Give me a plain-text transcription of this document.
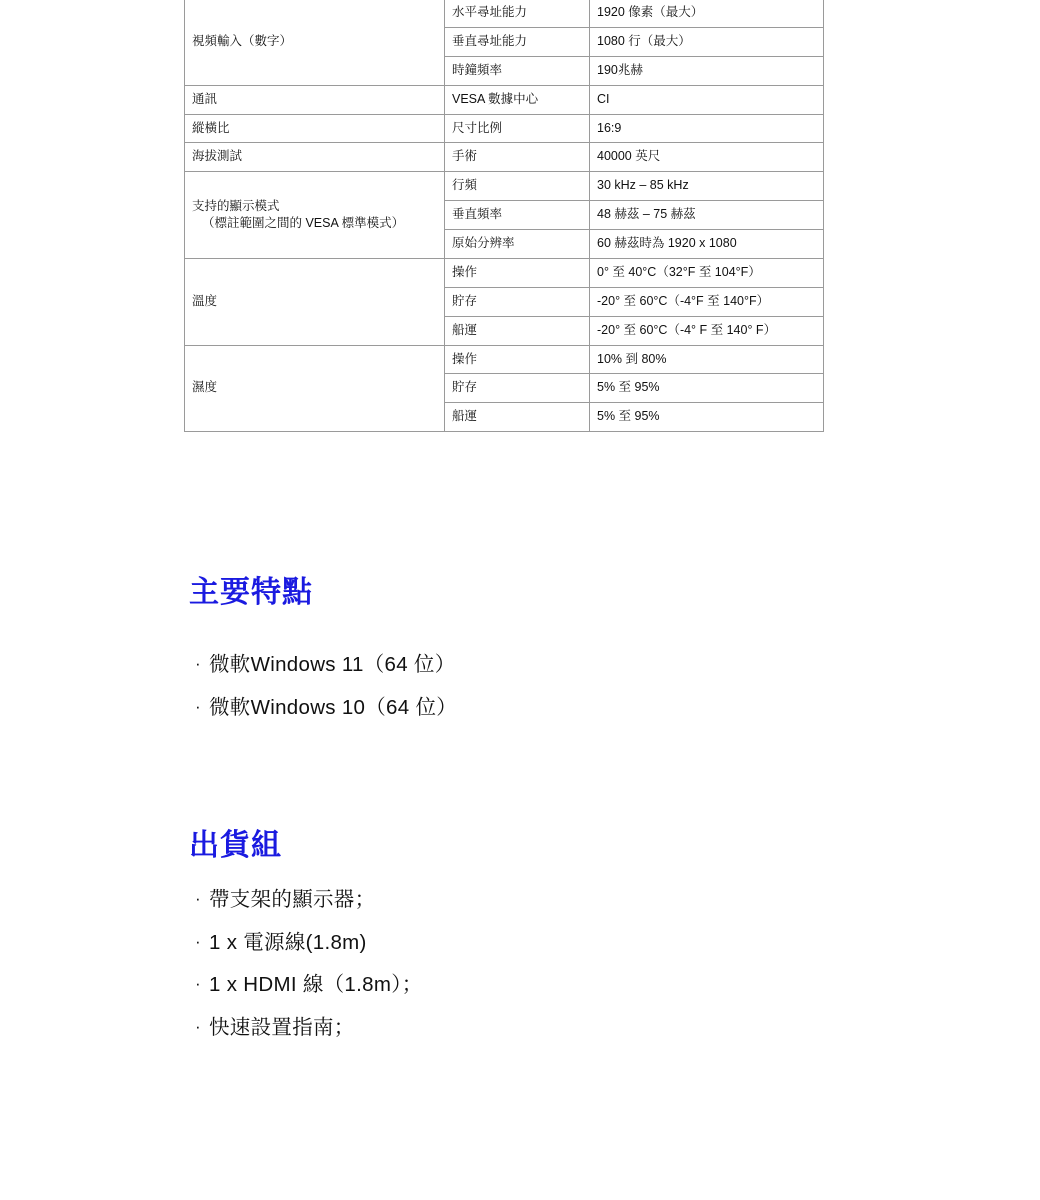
視頻輸入（數字）	水平尋址能力	1920 像素（最大）
	垂直尋址能力	1080 行（最大）
	時鐘頻率	190兆赫
通訊	VESA 數據中心	CI
縱橫比	尺寸比例	16:9
海拔測試	手術	40000 英尺
支持的顯示模式
（標註範圍之間的 VESA 標準模式）	行頻	30 kHz – 85 kHz
	垂直頻率	48 赫茲 – 75 赫茲
	原始分辨率	60 赫茲時為 1920 x 1080
溫度	操作	0° 至 40°C（32°F 至 104°F）
	貯存	-20° 至 60°C（-4°F 至 140°F）
	船運	-20° 至 60°C（-4° F 至 140° F）
濕度	操作	10% 到 80%
	貯存	5% 至 95%
	船運	5% 至 95%
主要特點
· 微軟Windows 11（64 位）
· 微軟Windows 10（64 位）
出貨組
· 帶支架的顯示器；
· 1 x 電源線(1.8m)
· 1 x HDMI 線（1.8m）；
· 快速設置指南；
